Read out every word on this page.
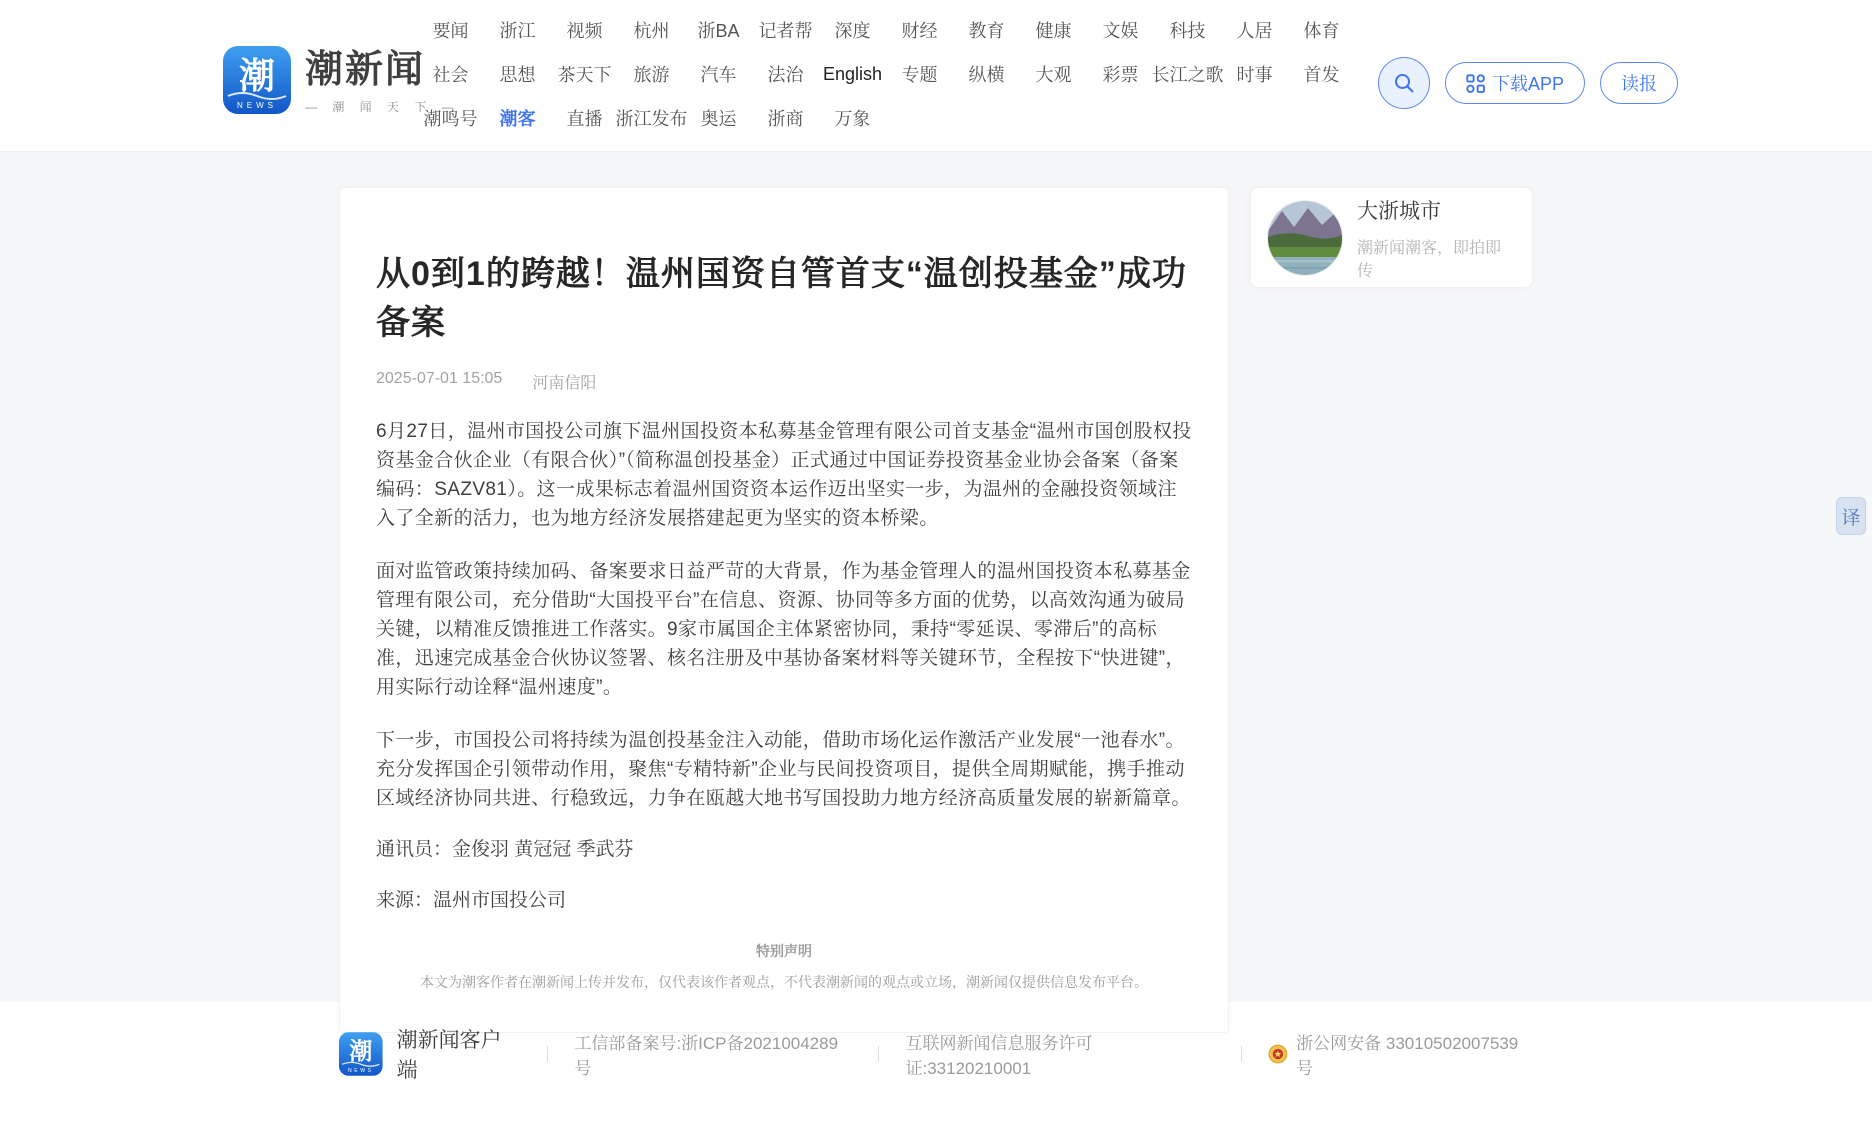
潮
NEWS
潮新闻
— 潮 闻 天 下 —
要闻	浙江	视频	杭州	浙BA	记者帮	深度	财经	教育	健康	文娱	科技	人居	体育
社会	思想	茶天下	旅游	汽车	法治	English	专题	纵横	大观	彩票 长江之歌 时事	首发
潮鸣号	潮客	直播 浙江发布 奥运	浙商	万象
下载APP	读报
从0到1的跨越！温州国资自管首支“温创投基金”成功备案
2025-07-01 15:05 河南信阳

6月27日，温州市国投公司旗下温州国投资本私募基金管理有限公司首支基金“温州市国创股权投资基金合伙企业（有限合伙）”（简称温创投基金）正式通过中国证券投资基金业协会备案（备案编码：SAZV81）。这一成果标志着温州国资资本运作迈出坚实一步，为温州的金融投资领域注入了全新的活力，也为地方经济发展搭建起更为坚实的资本桥梁。

面对监管政策持续加码、备案要求日益严苛的大背景，作为基金管理人的温州国投资本私募基金管理有限公司，充分借助“大国投平台”在信息、资源、协同等多方面的优势，以高效沟通为破局关键，以精准反馈推进工作落实。9家市属国企主体紧密协同，秉持“零延误、零滞后”的高标准，迅速完成基金合伙协议签署、核名注册及中基协备案材料等关键环节，全程按下“快进键”，用实际行动诠释“温州速度”。

下一步，市国投公司将持续为温创投基金注入动能，借助市场化运作激活产业发展“一池春水”。充分发挥国企引领带动作用，聚焦“专精特新”企业与民间投资项目，提供全周期赋能，携手推动区域经济协同共进、行稳致远，力争在瓯越大地书写国投助力地方经济高质量发展的崭新篇章。

通讯员：金俊羽 黄冠冠 季武芬

来源：温州市国投公司

特别声明
本文为潮客作者在潮新闻上传并发布，仅代表该作者观点，不代表潮新闻的观点或立场，潮新闻仅提供信息发布平台。
大浙城市
潮新闻潮客，即拍即传
潮
NEWS
潮新闻客户端
工信部备案号:浙ICP备2021004289号
互联网新闻信息服务许可证:33120210001
浙公网安备 33010502007539号
译
